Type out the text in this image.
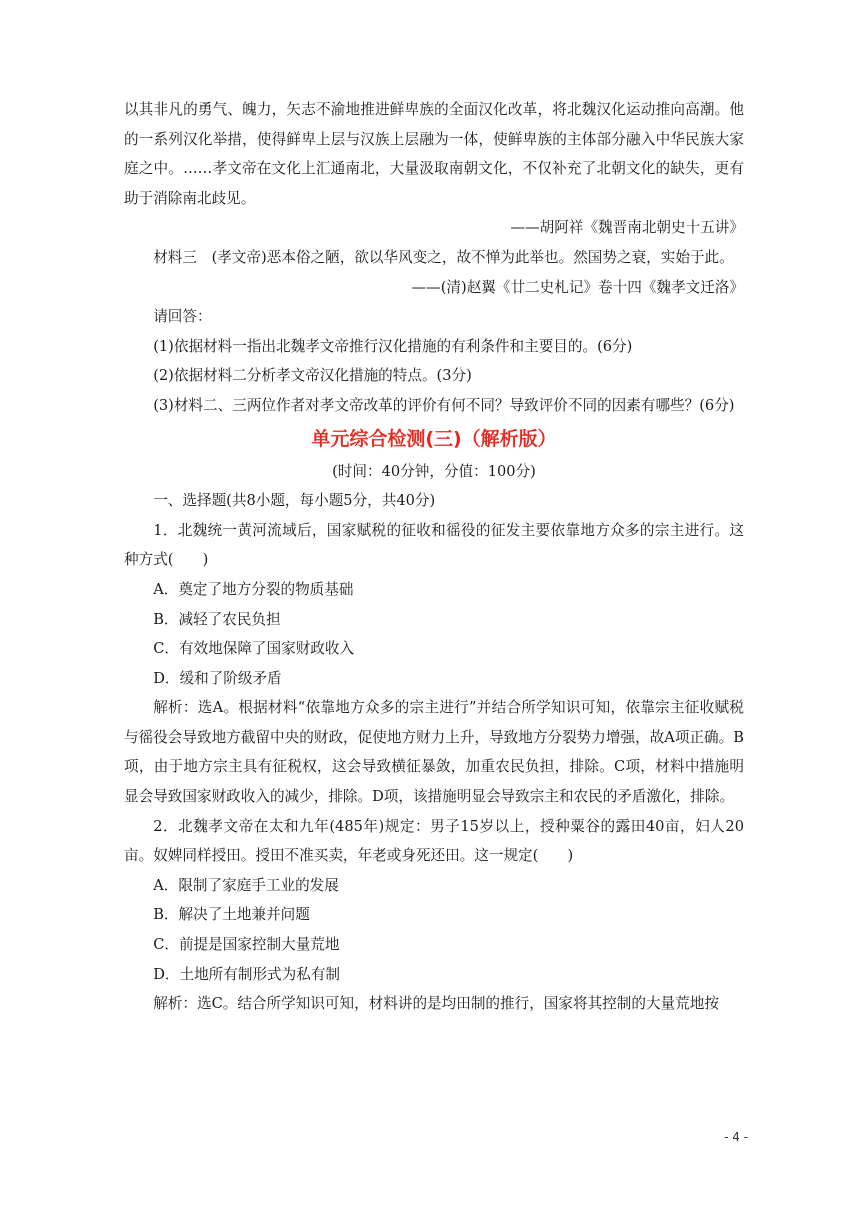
以其非凡的勇气、魄力，矢志不渝地推进鲜卑族的全面汉化改革，将北魏汉化运动推向高潮。他的一系列汉化举措，使得鲜卑上层与汉族上层融为一体，使鲜卑族的主体部分融入中华民族大家庭之中。……孝文帝在文化上汇通南北，大量汲取南朝文化，不仅补充了北朝文化的缺失，更有助于消除南北歧见。

——胡阿祥《魏晋南北朝史十五讲》

材料三　(孝文帝)恶本俗之陋，欲以华风变之，故不惮为此举也。然国势之衰，实始于此。

——(清)赵翼《廿二史札记》卷十四《魏孝文迁洛》

请回答：

(1)依据材料一指出北魏孝文帝推行汉化措施的有利条件和主要目的。(6分)

(2)依据材料二分析孝文帝汉化措施的特点。(3分)

(3)材料二、三两位作者对孝文帝改革的评价有何不同？导致评价不同的因素有哪些？(6分)

单元综合检测(三)（解析版）

(时间：40分钟，分值：100分)

一、选择题(共8小题，每小题5分，共40分)

1．北魏统一黄河流域后，国家赋税的征收和徭役的征发主要依靠地方众多的宗主进行。这种方式(　　)

A．奠定了地方分裂的物质基础

B．减轻了农民负担

C．有效地保障了国家财政收入

D．缓和了阶级矛盾

解析：选A。根据材料“依靠地方众多的宗主进行”并结合所学知识可知，依靠宗主征收赋税与徭役会导致地方截留中央的财政，促使地方财力上升，导致地方分裂势力增强，故A项正确。B项，由于地方宗主具有征税权，这会导致横征暴敛，加重农民负担，排除。C项，材料中措施明显会导致国家财政收入的减少，排除。D项，该措施明显会导致宗主和农民的矛盾激化，排除。

2．北魏孝文帝在太和九年(485年)规定：男子15岁以上，授种粟谷的露田40亩，妇人20亩。奴婢同样授田。授田不准买卖，年老或身死还田。这一规定(　　)

A．限制了家庭手工业的发展

B．解决了土地兼并问题

C．前提是国家控制大量荒地

D．土地所有制形式为私有制

解析：选C。结合所学知识可知，材料讲的是均田制的推行，国家将其控制的大量荒地按

- 4 -
